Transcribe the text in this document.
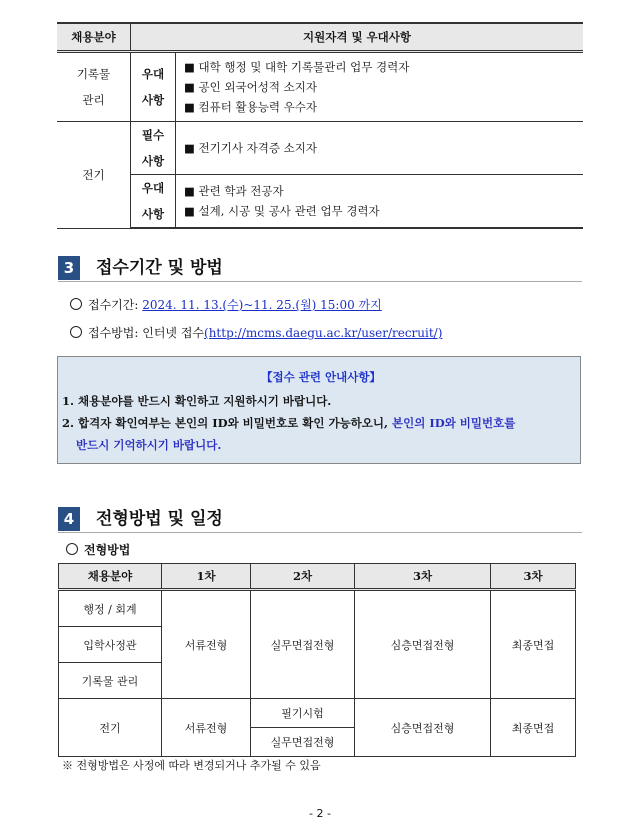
채용분야	지원자격 및 우대사항	
기록물 관리	우대 사항	■ 대학 행정 및 대학 기록물관리 업무 경력자
■ 공인 외국어성적 소지자
■ 컴퓨터 활용능력 우수자

전기	필수 사항	■ 전기기사 자격증 소지자

	우대 사항	■ 관련 학과 전공자
■ 설계, 시공 및 공사 관련 업무 경력자
3	접수기간 및 방법
접수기간: 2024. 11. 13.(수)~11. 25.(월) 15:00 까지
접수방법: 인터넷 접수(http://mcms.daegu.ac.kr/user/recruit/)
【접수 관련 안내사항】
1. 채용분야를 반드시 확인하고 지원하시기 바랍니다.
2. 합격자 확인여부는 본인의 ID와 비밀번호로 확인 가능하오니, 본인의 ID와 비밀번호를
반드시 기억하시기 바랍니다.
4	전형방법 및 일정
전형방법
채용분야	1차	2차	3차	3차
행정 / 회계	서류전형	실무면접전형	심층면접전형	최종면접
입학사정관				
기록물 관리				
전기	서류전형	필기시험	심층면접전형	최종면접
		실무면접전형		
※ 전형방법은 사정에 따라 변경되거나 추가될 수 있음
- 2 -
